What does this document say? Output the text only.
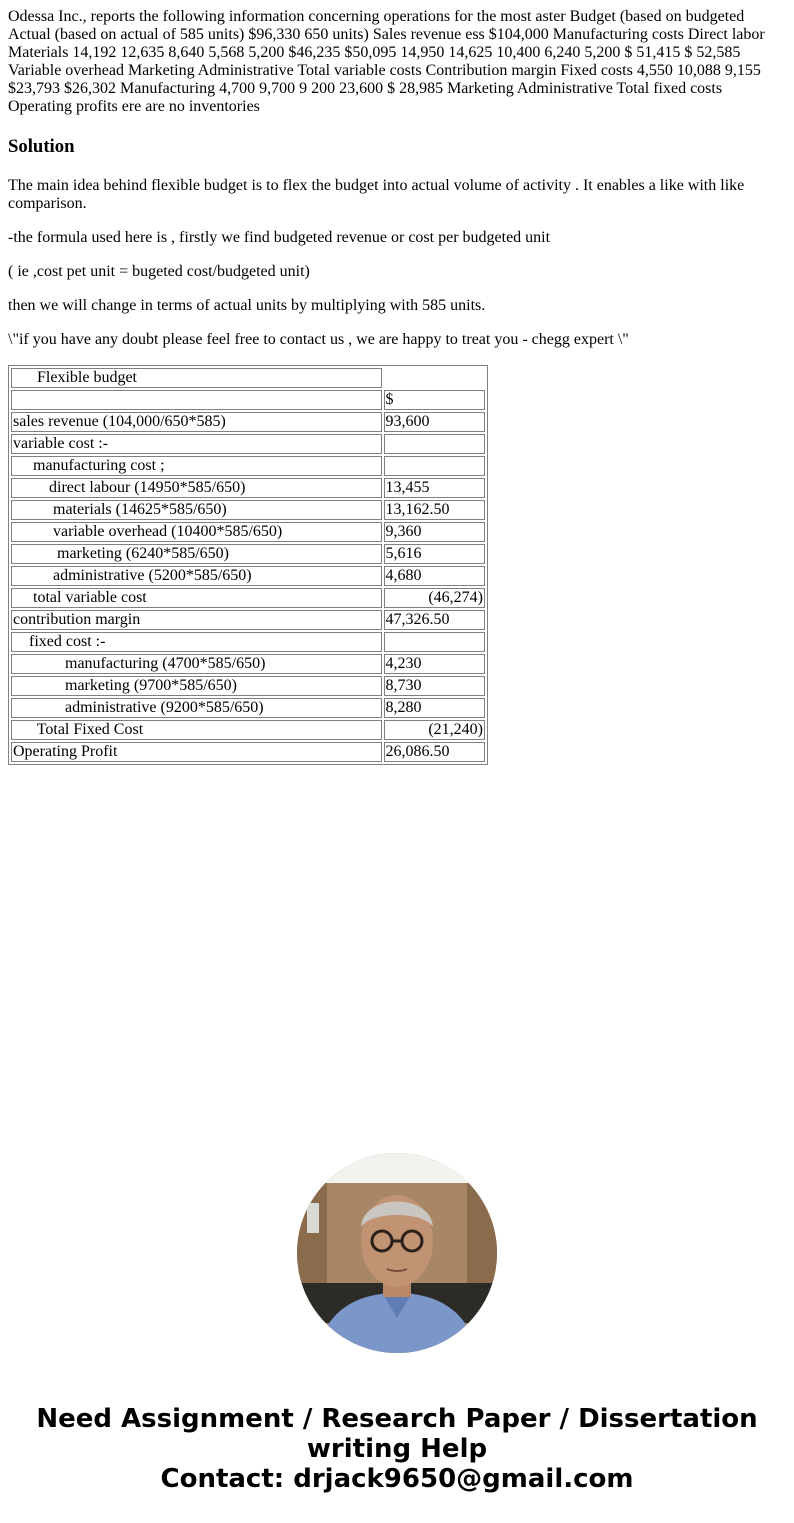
Odessa Inc., reports the following information concerning operations for the most aster Budget (based on budgeted Actual (based on actual of 585 units) $96,330 650 units) Sales revenue ess $104,000 Manufacturing costs Direct labor Materials 14,192 12,635 8,640 5,568 5,200 $46,235 $50,095 14,950 14,625 10,400 6,240 5,200 $ 51,415 $ 52,585 Variable overhead Marketing Administrative Total variable costs Contribution margin Fixed costs 4,550 10,088 9,155 $23,793 $26,302 Manufacturing 4,700 9,700 9 200 23,600 $ 28,985 Marketing Administrative Total fixed costs Operating profits ere are no inventories
Solution

The main idea behind flexible budget is to flex the budget into actual volume of activity . It enables a like with like comparison.

-the formula used here is , firstly we find budgeted revenue or cost per budgeted unit

( ie ,cost pet unit = bugeted cost/budgeted unit)

then we will change in terms of actual units by multiplying with 585 units.

\"if you have any doubt please feel free to contact us , we are happy to treat you - chegg expert \"

Flexible budget	
	$
sales revenue (104,000/650*585)	93,600
variable cost :-	
manufacturing cost ;	
direct labour (14950*585/650)	13,455
materials (14625*585/650)	13,162.50
variable overhead (10400*585/650)	9,360
marketing (6240*585/650)	5,616
administrative (5200*585/650)	4,680
total variable cost	(46,274)
contribution margin	47,326.50
fixed cost :-	
manufacturing (4700*585/650)	4,230
marketing (9700*585/650)	8,730
administrative (9200*585/650)	8,280
Total Fixed Cost	(21,240)
Operating Profit	26,086.50
Need Assignment / Research Paper / Dissertation
writing Help
Contact: drjack9650@gmail.com
